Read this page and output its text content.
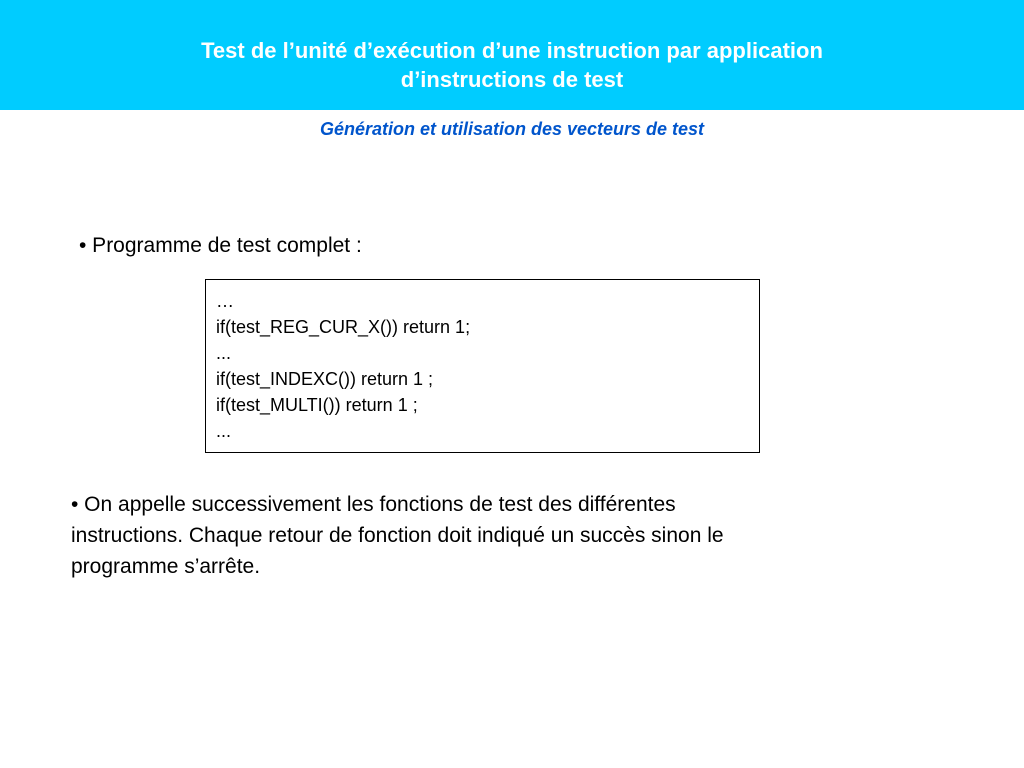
Test de l’unité d’exécution d’une instruction par application
d’instructions de test
Génération et utilisation des vecteurs de test

• Programme de test complet :

…
if(test_REG_CUR_X()) return 1;
...
if(test_INDEXC()) return 1 ;
if(test_MULTI()) return 1 ;
...

• On appelle successivement les fonctions de test des différentes
instructions. Chaque retour de fonction doit indiqué un succès sinon le
programme s’arrête.
